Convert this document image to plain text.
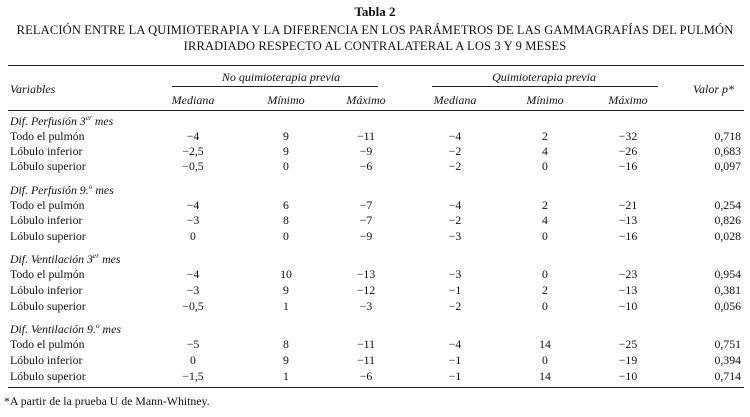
Tabla 2
RELACIÓN ENTRE LA QUIMIOTERAPIA Y LA DIFERENCIA EN LOS PARÁMETROS DE LAS GAMMAGRAFÍAS DEL PULMÓN
IRRADIADO RESPECTO AL CONTRALATERAL A LOS 3 Y 9 MESES
Variables
No quimioterapia previa	Quimioterapia previa
Mediana	Mínimo	Máximo	Mediana	Mínimo	Máximo
Valor p*
Dif. Perfusión 3er mes
Todo el pulmón	−4	9	−11	−4	2	−32	0,718
Lóbulo inferior	−2,5	9	−9	−2	4	−26	0,683
Lóbulo superior	−0,5	0	−6	−2	0	−16	0,097
Dif. Perfusión 9.$^o$ mes
Todo el pulmón	−4	6	−7	−4	2	−21	0,254
Lóbulo inferior	−3	8	−7	−2	4	−13	0,826
Lóbulo superior	0	0	−9	−3	0	−16	0,028
Dif. Ventilación 3er mes
Todo el pulmón	−4	10	−13	−3	0	−23	0,954
Lóbulo inferior	−3	9	−12	−1	2	−13	0,381
Lóbulo superior	−0,5	1	−3	−2	0	−10	0,056
Dif. Ventilación 9.$^o$ mes
Todo el pulmón	−5	8	−11	−4	14	−25	0,751
Lóbulo inferior	0	9	−11	−1	0	−19	0,394
Lóbulo superior	−1,5	1	−6	−1	14	−10	0,714
*A partir de la prueba U de Mann-Whitney.
